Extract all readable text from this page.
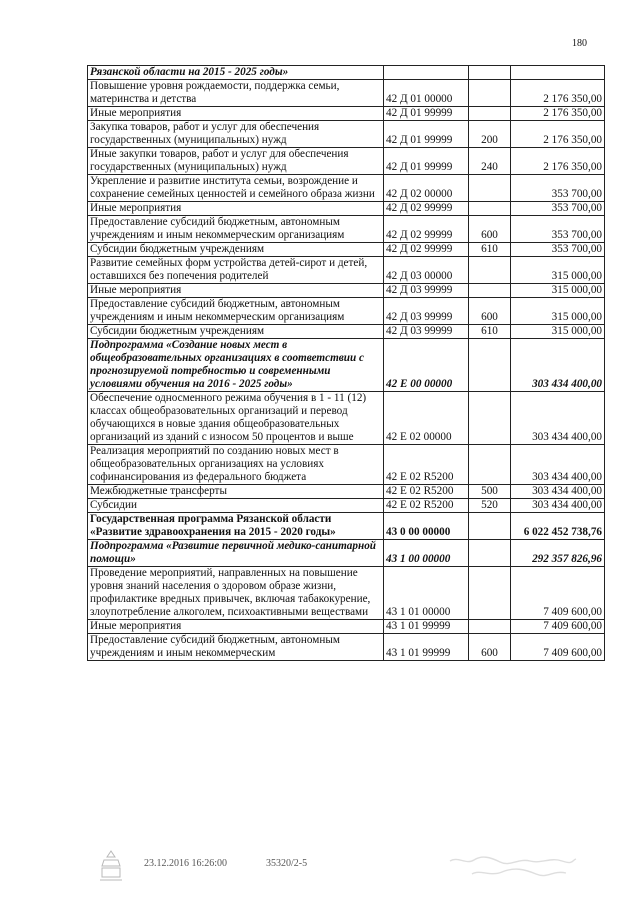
180
Рязанской области на 2015 - 2025 годы»			
Повышение уровня рождаемости, поддержка семьи, материнства и детства	42 Д 01 00000		2 176 350,00
Иные мероприятия	42 Д 01 99999		2 176 350,00
Закупка товаров, работ и услуг для обеспечения государственных (муниципальных) нужд	42 Д 01 99999	200	2 176 350,00
Иные закупки товаров, работ и услуг для обеспечения государственных (муниципальных) нужд	42 Д 01 99999	240	2 176 350,00
Укрепление и развитие института семьи, возрождение и сохранение семейных ценностей и семейного образа жизни	42 Д 02 00000		353 700,00
Иные мероприятия	42 Д 02 99999		353 700,00
Предоставление субсидий бюджетным, автономным учреждениям и иным некоммерческим организациям	42 Д 02 99999	600	353 700,00
Субсидии бюджетным учреждениям	42 Д 02 99999	610	353 700,00
Развитие семейных форм устройства детей-сирот и детей, оставшихся без попечения родителей	42 Д 03 00000		315 000,00
Иные мероприятия	42 Д 03 99999		315 000,00
Предоставление субсидий бюджетным, автономным учреждениям и иным некоммерческим организациям	42 Д 03 99999	600	315 000,00
Субсидии бюджетным учреждениям	42 Д 03 99999	610	315 000,00
Подпрограмма «Создание новых мест в общеобразовательных организациях в соответствии с прогнозируемой потребностью и современными условиями обучения на 2016 - 2025 годы»	42 Е 00 00000		303 434 400,00
Обеспечение односменного режима обучения в 1 - 11 (12) классах общеобразовательных организаций и перевод обучающихся в новые здания общеобразовательных организаций из зданий с износом 50 процентов и выше	42 Е 02 00000		303 434 400,00
Реализация мероприятий по созданию новых мест в общеобразовательных организациях на условиях софинансирования из федерального бюджета	42 Е 02 R5200		303 434 400,00
Межбюджетные трансферты	42 Е 02 R5200	500	303 434 400,00
Субсидии	42 Е 02 R5200	520	303 434 400,00
Государственная программа Рязанской области «Развитие здравоохранения на 2015 - 2020 годы»	43 0 00 00000		6 022 452 738,76
Подпрограмма «Развитие первичной медико-санитарной помощи»	43 1 00 00000		292 357 826,96
Проведение мероприятий, направленных на повышение уровня знаний населения о здоровом образе жизни, профилактике вредных привычек, включая табакокурение, злоупотребление алкоголем, психоактивными веществами	43 1 01 00000		7 409 600,00
Иные мероприятия	43 1 01 99999		7 409 600,00
Предоставление субсидий бюджетным, автономным учреждениям и иным некоммерческим	43 1 01 99999	600	7 409 600,00
23.12.2016 16:26:00	35320/2-5
